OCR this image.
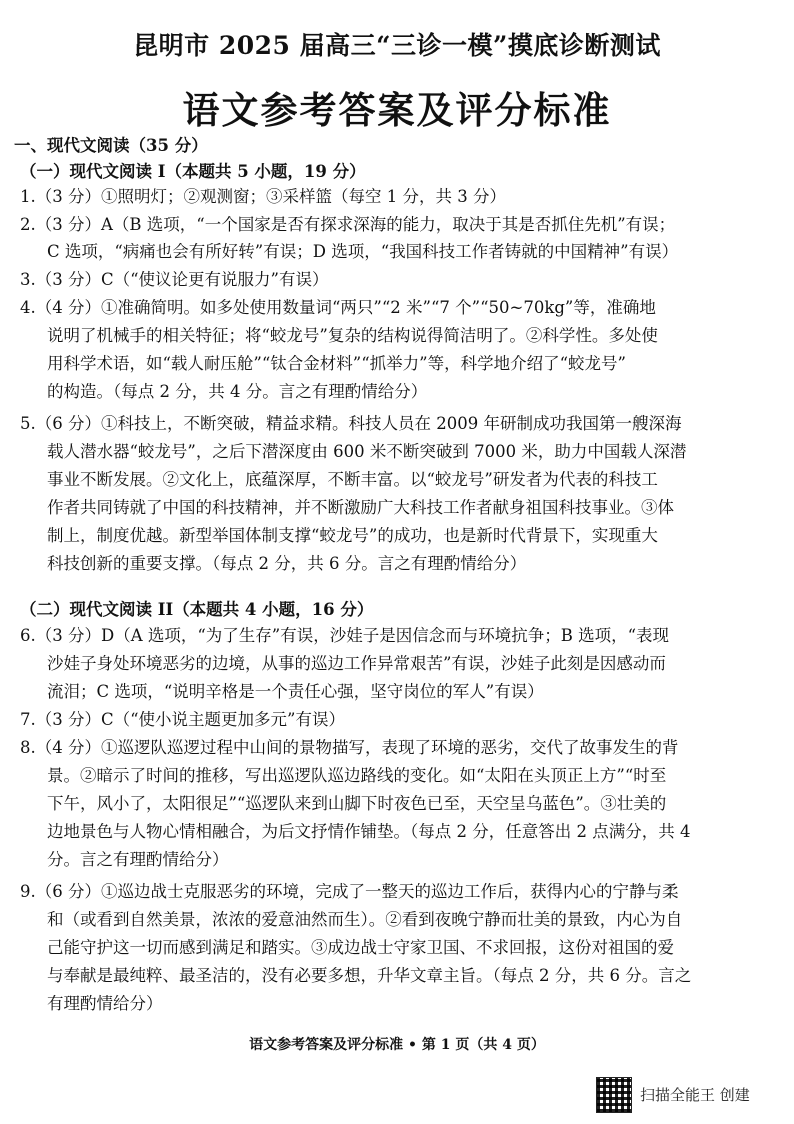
昆明市 2025 届高三“三诊一模”摸底诊断测试
语文参考答案及评分标准
一、现代文阅读（35 分）
（一）现代文阅读 I（本题共 5 小题，19 分）
1.（3 分）①照明灯；②观测窗；③采样篮（每空 1 分，共 3 分）
2.（3 分）A（B 选项，“一个国家是否有探求深海的能力，取决于其是否抓住先机”有误；
C 选项，“病痛也会有所好转”有误；D 选项，“我国科技工作者铸就的中国精神”有误）
3.（3 分）C（“使议论更有说服力”有误）
4.（4 分）①准确简明。如多处使用数量词“两只”“2 米”“7 个”“50~70kg”等，准确地
说明了机械手的相关特征；将“蛟龙号”复杂的结构说得简洁明了。②科学性。多处使
用科学术语，如“载人耐压舱”“钛合金材料”“抓举力”等，科学地介绍了“蛟龙号”
的构造。（每点 2 分，共 4 分。言之有理酌情给分）
5.（6 分）①科技上，不断突破，精益求精。科技人员在 2009 年研制成功我国第一艘深海
载人潜水器“蛟龙号”，之后下潜深度由 600 米不断突破到 7000 米，助力中国载人深潜
事业不断发展。②文化上，底蕴深厚，不断丰富。以“蛟龙号”研发者为代表的科技工
作者共同铸就了中国的科技精神，并不断激励广大科技工作者献身祖国科技事业。③体
制上，制度优越。新型举国体制支撑“蛟龙号”的成功，也是新时代背景下，实现重大
科技创新的重要支撑。（每点 2 分，共 6 分。言之有理酌情给分）
（二）现代文阅读 II（本题共 4 小题，16 分）
6.（3 分）D（A 选项，“为了生存”有误，沙娃子是因信念而与环境抗争；B 选项，“表现
沙娃子身处环境恶劣的边境，从事的巡边工作异常艰苦”有误，沙娃子此刻是因感动而
流泪；C 选项，“说明辛格是一个责任心强，坚守岗位的军人”有误）
7.（3 分）C（“使小说主题更加多元”有误）
8.（4 分）①巡逻队巡逻过程中山间的景物描写，表现了环境的恶劣，交代了故事发生的背
景。②暗示了时间的推移，写出巡逻队巡边路线的变化。如“太阳在头顶正上方”“时至
下午，风小了，太阳很足”“巡逻队来到山脚下时夜色已至，天空呈乌蓝色”。③壮美的
边地景色与人物心情相融合，为后文抒情作铺垫。（每点 2 分，任意答出 2 点满分，共 4
分。言之有理酌情给分）
9.（6 分）①巡边战士克服恶劣的环境，完成了一整天的巡边工作后，获得内心的宁静与柔
和（或看到自然美景，浓浓的爱意油然而生）。②看到夜晚宁静而壮美的景致，内心为自
己能守护这一切而感到满足和踏实。③成边战士守家卫国、不求回报，这份对祖国的爱
与奉献是最纯粹、最圣洁的，没有必要多想，升华文章主旨。（每点 2 分，共 6 分。言之
有理酌情给分）
语文参考答案及评分标准 • 第 1 页（共 4 页）
扫描全能王 创建
